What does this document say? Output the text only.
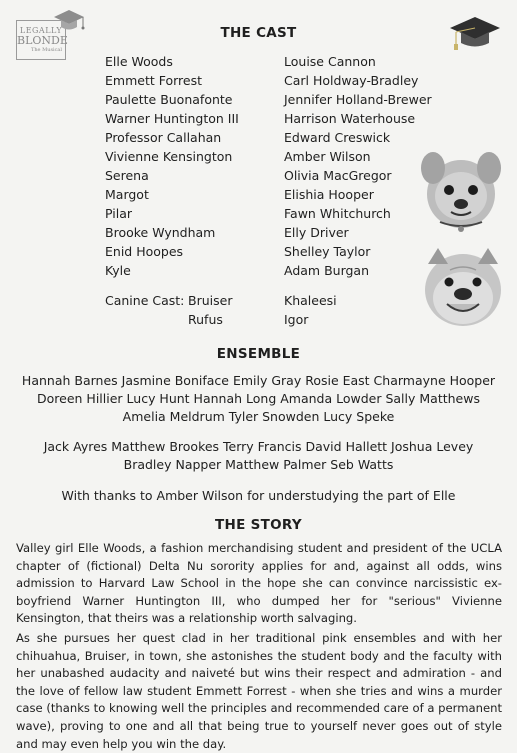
LEGALLY
BLONDE
The Musical
THE CAST
Elle Woods
Emmett Forrest
Paulette Buonafonte
Warner Huntington III
Professor Callahan
Vivienne Kensington
Serena
Margot
Pilar
Brooke Wyndham
Enid Hoopes
Kyle
Louise Cannon
Carl Holdway-Bradley
Jennifer Holland-Brewer
Harrison Waterhouse
Edward Creswick
Amber Wilson
Olivia MacGregor
Elishia Hooper
Fawn Whitchurch
Elly Driver
Shelley Taylor
Adam Burgan
Canine Cast: Bruiser
Rufus
Khaleesi
Igor
ENSEMBLE
Hannah Barnes Jasmine Boniface Emily Gray Rosie East Charmayne Hooper
Doreen Hillier Lucy Hunt Hannah Long Amanda Lowder Sally Matthews
Amelia Meldrum Tyler Snowden Lucy Speke
Jack Ayres Matthew Brookes Terry Francis David Hallett Joshua Levey
Bradley Napper Matthew Palmer Seb Watts
With thanks to Amber Wilson for understudying the part of Elle
THE STORY

Valley girl Elle Woods, a fashion merchandising student and president of the UCLA chapter of (fictional) Delta Nu sorority applies for and, against all odds, wins admission to Harvard Law School in the hope she can convince narcissistic ex-boyfriend Warner Huntington III, who dumped her for "serious" Vivienne Kensington, that theirs was a relationship worth salvaging.

As she pursues her quest clad in her traditional pink ensembles and with her chihuahua, Bruiser, in town, she astonishes the student body and the faculty with her unabashed audacity and naiveté but wins their respect and admiration - and the love of fellow law student Emmett Forrest - when she tries and wins a murder case (thanks to knowing well the principles and recommended care of a permanent wave), proving to one and all that being true to yourself never goes out of style and may even help you win the day.
